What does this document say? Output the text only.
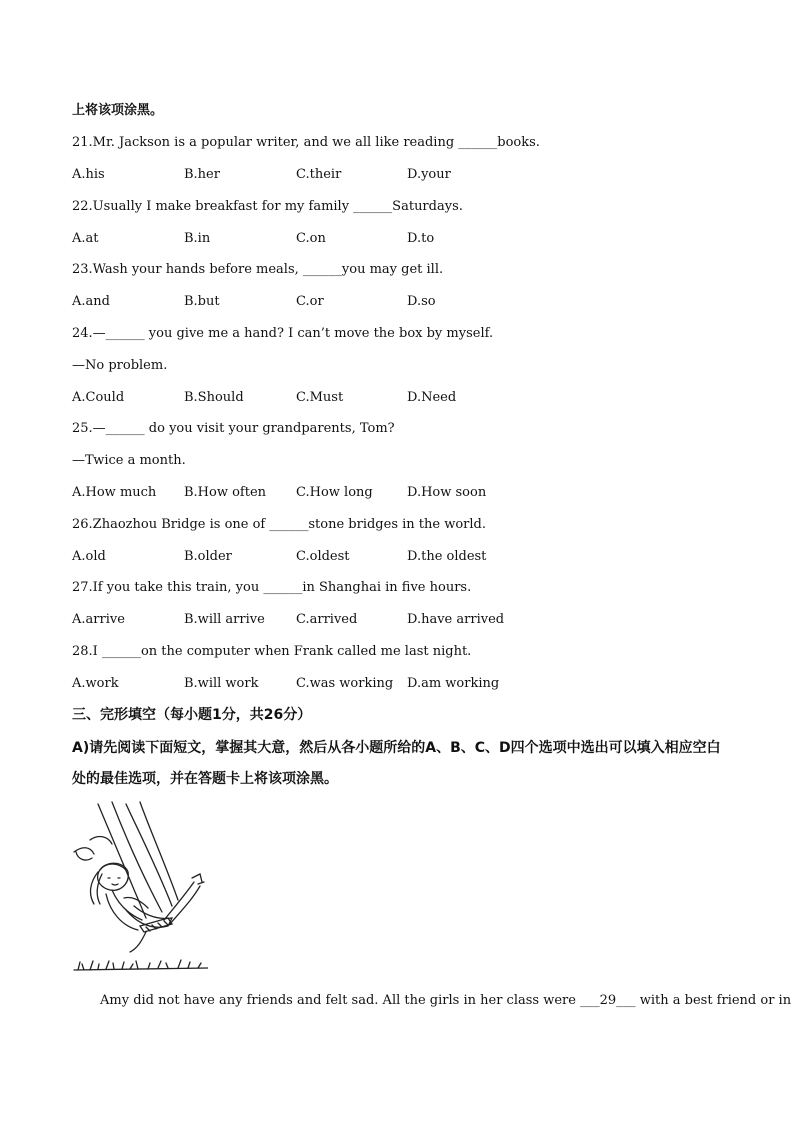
上将该项涂黑。
21.Mr. Jackson is a popular writer, and we all like reading ______books.
A.his	B.her	C.their	D.your
22.Usually I make breakfast for my family ______Saturdays.
A.at	B.in	C.on	D.to
23.Wash your hands before meals, ______you may get ill.
A.and	B.but	C.or	D.so
24.—______ you give me a hand? I can’t move the box by myself.
—No problem.
A.Could	B.Should	C.Must	D.Need
25.—______ do you visit your grandparents, Tom?
—Twice a month.
A.How much B.How often C.How long	D.How soon
26.Zhaozhou Bridge is one of ______stone bridges in the world.
A.old	B.older	C.oldest	D.the oldest
27.If you take this train, you ______in Shanghai in five hours.
A.arrive	B.will arrive C.arrived	D.have arrived
28.I ______on the computer when Frank called me last night.
A.work	B.will work	C.was working D.am working
三、完形填空（每小题1分，共26分）
A)请先阅读下面短文，掌握其大意，然后从各小题所给的A、B、C、D四个选项中选出可以填入相应空白
处的最佳选项，并在答题卡上将该项涂黑。
Amy did not have any friends and felt sad. All the girls in her class were ___29___ with a best friend or in
